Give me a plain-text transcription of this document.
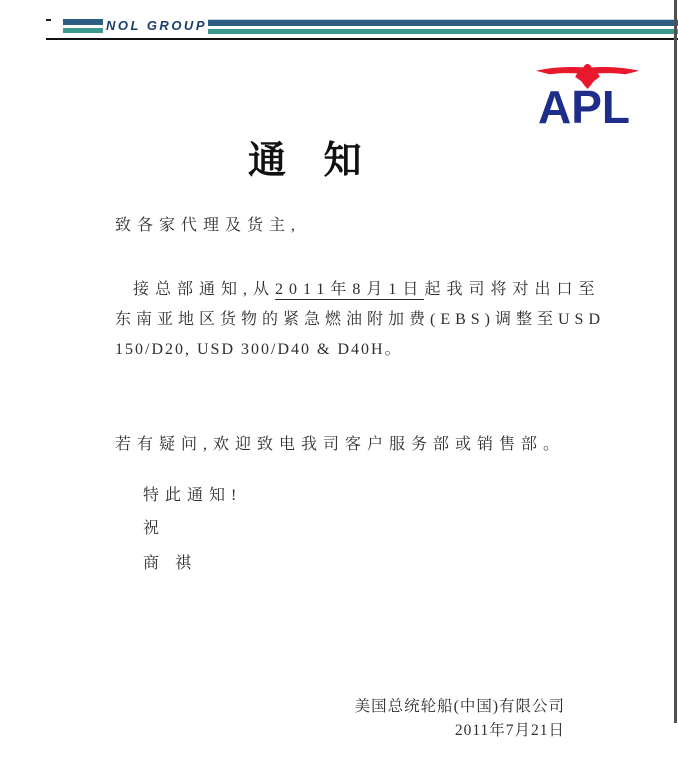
NOL GROUP
APL
通 知
致各家代理及货主,
接总部通知,从2011年8月1日起我司将对出口至
东南亚地区货物的紧急燃油附加费(EBS)调整至USD
150/D20, USD 300/D40 & D40H。
若有疑问,欢迎致电我司客户服务部或销售部。
特此通知!
祝
商 祺
美国总统轮船(中国)有限公司
2011年7月21日
